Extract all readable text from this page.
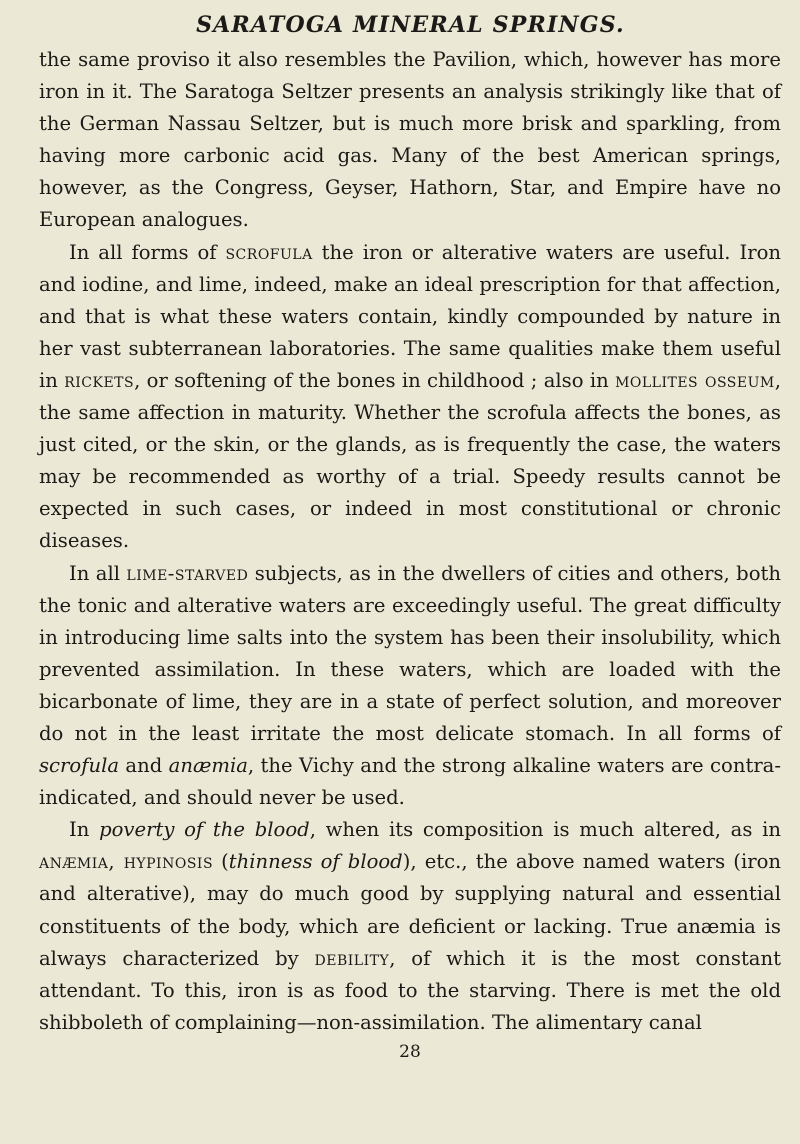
SARATOGA MINERAL SPRINGS.

the same proviso it also resembles the Pavilion, which, however has more iron in it. The Saratoga Seltzer presents an analysis strikingly like that of the German Nassau Seltzer, but is much more brisk and sparkling, from having more carbonic acid gas. Many of the best American springs, however, as the Congress, Geyser, Hathorn, Star, and Empire have no European analogues.

In all forms of scrofula the iron or alterative waters are useful. Iron and iodine, and lime, indeed, make an ideal prescription for that affection, and that is what these waters contain, kindly compounded by nature in her vast subterranean laboratories. The same qualities make them useful in rickets, or softening of the bones in childhood ; also in mollites osseum, the same affection in maturity. Whether the scrofula affects the bones, as just cited, or the skin, or the glands, as is frequently the case, the waters may be recommended as worthy of a trial. Speedy results cannot be expected in such cases, or indeed in most constitutional or chronic diseases.

In all lime-starved subjects, as in the dwellers of cities and others, both the tonic and alterative waters are exceedingly useful. The great difficulty in introducing lime salts into the system has been their insolubility, which prevented assimilation. In these waters, which are loaded with the bicarbonate of lime, they are in a state of perfect solution, and moreover do not in the least irritate the most delicate stomach. In all forms of scrofula and anæmia, the Vichy and the strong alkaline waters are contra-indicated, and should never be used.

In poverty of the blood, when its composition is much altered, as in anæmia, hypinosis (thinness of blood), etc., the above named waters (iron and alterative), may do much good by supplying natural and essential constituents of the body, which are deficient or lacking. True anæmia is always characterized by debility, of which it is the most constant attendant. To this, iron is as food to the starving. There is met the old shibboleth of complaining—non-assimilation. The alimentary canal

28
